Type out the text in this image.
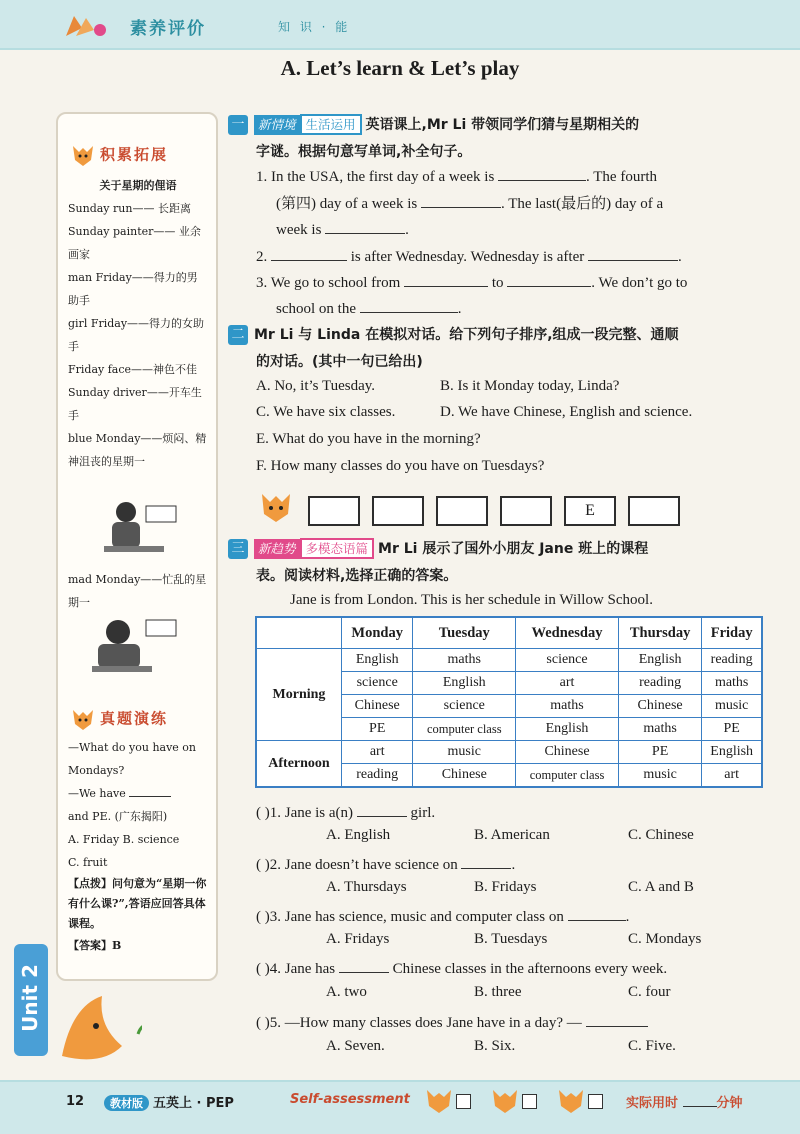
素养评价	知 识 · 能
A. Let’s learn & Let’s play
积累拓展
关于星期的俚语
Sunday run—— 长距离
Sunday painter—— 业余画家
man Friday——得力的男助手
girl Friday——得力的女助手
Friday face——神色不佳
Sunday driver——开车生手
blue Monday——烦闷、精神沮丧的星期一
mad Monday——忙乱的星期一
真题演练
—What do you have on Mondays?
—We have
and PE. (广东揭阳)
A. Friday B. science
C. fruit
【点拨】问句意为“星期一你有什么课?”,答语应回答具体课程。
【答案】B
一 新情境 生活运用 英语课上,Mr Li 带领同学们猜与星期相关的
字谜。根据句意写单词,补全句子。
1. In the USA, the first day of a week is	. The fourth
(第四) day of a week is	. The last(最后的) day of a
week is	.
2.	is after Wednesday. Wednesday is after	.
3. We go to school from	to	. We don’t go to
school on the	.
二 Mr Li 与 Linda 在模拟对话。给下列句子排序,组成一段完整、通顺
的对话。(其中一句已给出)
A. No, it’s Tuesday.	B. Is it Monday today, Linda?
C. We have six classes.	D. We have Chinese, English and science.
E. What do you have in the morning?
F. How many classes do you have on Tuesdays?
E
三 新趋势 多模态语篇 Mr Li 展示了国外小朋友 Jane 班上的课程
表。阅读材料,选择正确的答案。
Jane is from London. This is her schedule in Willow School.
	Monday	Tuesday	Wednesday	Thursday	Friday
Morning	English	maths	science	English	reading
	science	English	art	reading	maths
	Chinese	science	maths	Chinese	music
	PE	computer class	English	maths	PE
Afternoon	art	music	Chinese	PE	English
	reading	Chinese	computer class	music	art
( )1. Jane is a(n)	girl.
A. English	B. American	C. Chinese
( )2. Jane doesn’t have science on	.
A. Thursdays	B. Fridays	C. A and B
( )3. Jane has science, music and computer class on	.
A. Fridays	B. Tuesdays	C. Mondays
( )4. Jane has	Chinese classes in the afternoons every week.
A. two	B. three	C. four
( )5. —How many classes does Jane have in a day? —
A. Seven.	B. Six.	C. Five.
Unit 2
12	教材版 五英上 · PEP	Self-assessment	实际用时	分钟
